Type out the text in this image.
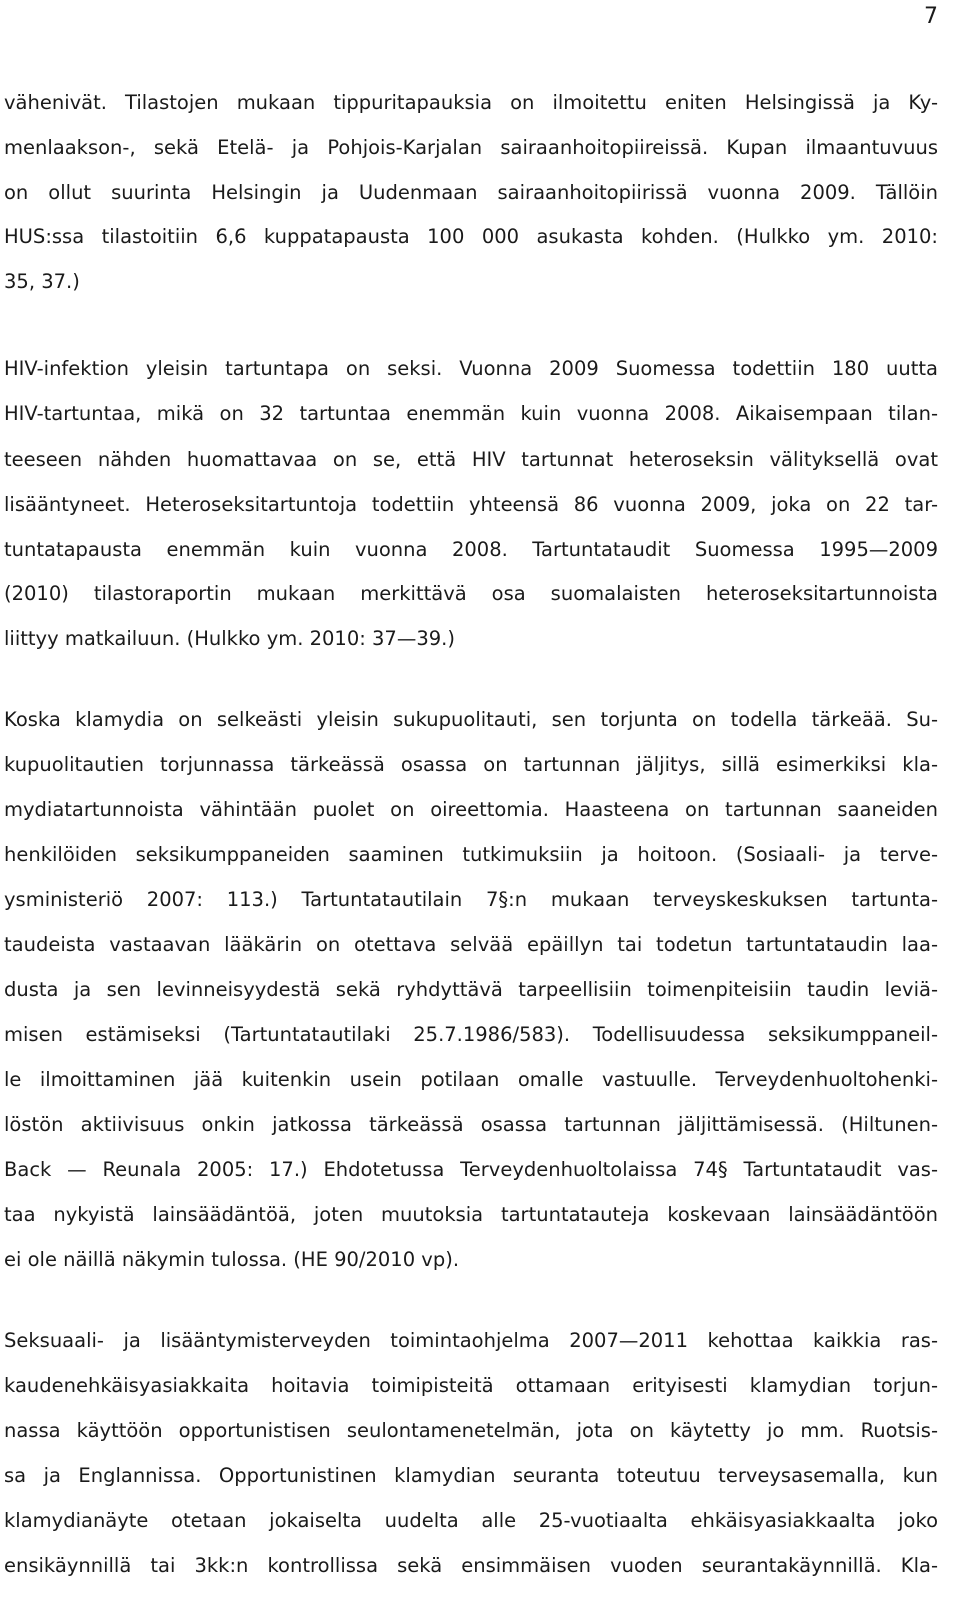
7
vähenivät. Tilastojen mukaan tippuritapauksia on ilmoitettu eniten Helsingissä ja Ky-
menlaakson-, sekä Etelä- ja Pohjois-Karjalan sairaanhoitopiireissä. Kupan ilmaantuvuus
on ollut suurinta Helsingin ja Uudenmaan sairaanhoitopiirissä vuonna 2009. Tällöin
HUS:ssa tilastoitiin 6,6 kuppatapausta 100 000 asukasta kohden. (Hulkko ym. 2010:
35, 37.)
HIV-infektion yleisin tartuntapa on seksi. Vuonna 2009 Suomessa todettiin 180 uutta
HIV-tartuntaa, mikä on 32 tartuntaa enemmän kuin vuonna 2008. Aikaisempaan tilan-
teeseen nähden huomattavaa on se, että HIV tartunnat heteroseksin välityksellä ovat
lisääntyneet. Heteroseksitartuntoja todettiin yhteensä 86 vuonna 2009, joka on 22 tar-
tuntatapausta enemmän kuin vuonna 2008. Tartuntataudit Suomessa 1995—2009
(2010) tilastoraportin mukaan merkittävä osa suomalaisten heteroseksitartunnoista
liittyy matkailuun. (Hulkko ym. 2010: 37—39.)
Koska klamydia on selkeästi yleisin sukupuolitauti, sen torjunta on todella tärkeää. Su-
kupuolitautien torjunnassa tärkeässä osassa on tartunnan jäljitys, sillä esimerkiksi kla-
mydiatartunnoista vähintään puolet on oireettomia. Haasteena on tartunnan saaneiden
henkilöiden seksikumppaneiden saaminen tutkimuksiin ja hoitoon. (Sosiaali- ja terve-
ysministeriö 2007: 113.) Tartuntatautilain 7§:n mukaan terveyskeskuksen tartunta-
taudeista vastaavan lääkärin on otettava selvää epäillyn tai todetun tartuntataudin laa-
dusta ja sen levinneisyydestä sekä ryhdyttävä tarpeellisiin toimenpiteisiin taudin leviä-
misen estämiseksi (Tartuntatautilaki 25.7.1986/583). Todellisuudessa seksikumppaneil-
le ilmoittaminen jää kuitenkin usein potilaan omalle vastuulle. Terveydenhuoltohenki-
löstön aktiivisuus onkin jatkossa tärkeässä osassa tartunnan jäljittämisessä. (Hiltunen-
Back — Reunala 2005: 17.) Ehdotetussa Terveydenhuoltolaissa 74§ Tartuntataudit vas-
taa nykyistä lainsäädäntöä, joten muutoksia tartuntatauteja koskevaan lainsäädäntöön
ei ole näillä näkymin tulossa. (HE 90/2010 vp).
Seksuaali- ja lisääntymisterveyden toimintaohjelma 2007—2011 kehottaa kaikkia ras-
kaudenehkäisyasiakkaita hoitavia toimipisteitä ottamaan erityisesti klamydian torjun-
nassa käyttöön opportunistisen seulontamenetelmän, jota on käytetty jo mm. Ruotsis-
sa ja Englannissa. Opportunistinen klamydian seuranta toteutuu terveysasemalla, kun
klamydianäyte otetaan jokaiselta uudelta alle 25-vuotiaalta ehkäisyasiakkaalta joko
ensikäynnillä tai 3kk:n kontrollissa sekä ensimmäisen vuoden seurantakäynnillä. Kla-
